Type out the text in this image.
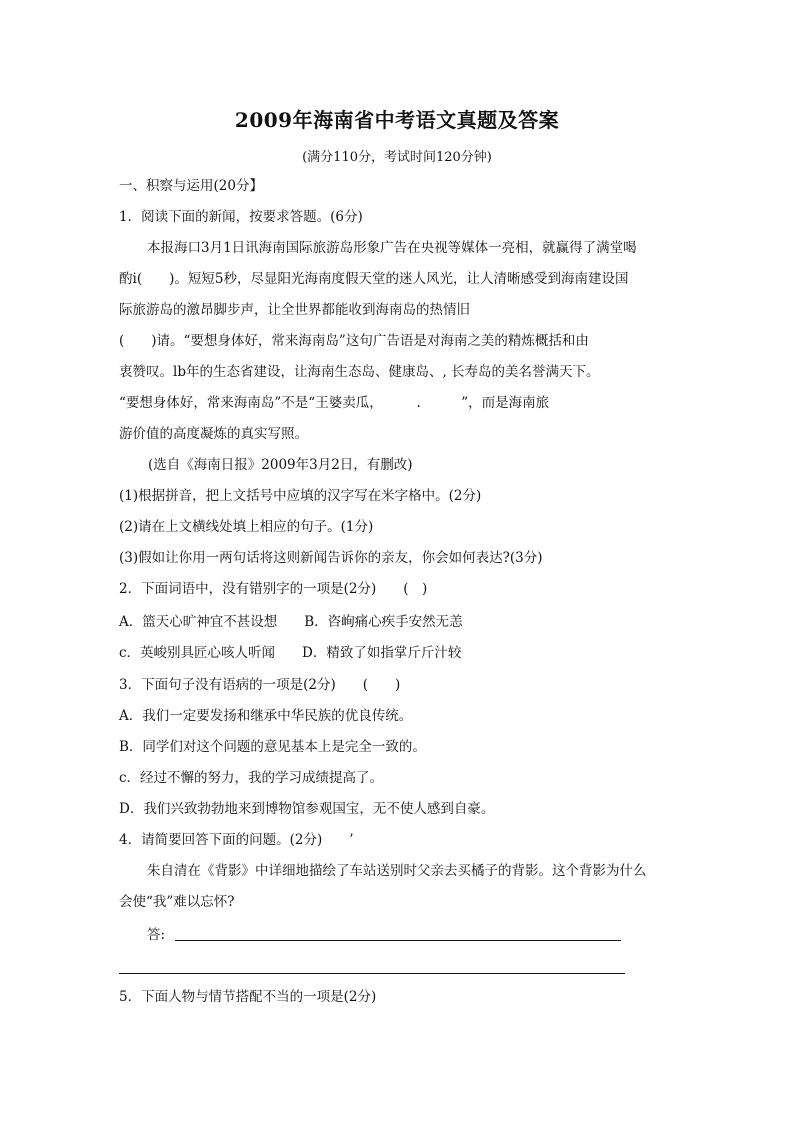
2009年海南省中考语文真题及答案
(满分110分，考试时间120分钟)
一、积察与运用(20分】
1．阅读下面的新闻，按要求答题。(6分)
本报海口3月1日讯海南国际旅游岛形象广告在央视等媒体一亮相，就赢得了满堂喝
酌i(　　)。短短5秒，尽显阳光海南度假天堂的迷人风光，让人清晰感受到海南建设国
际旅游岛的激昂脚步声，让全世界都能收到海南岛的热情旧
(　　)请。“要想身体好，常来海南岛”这句广告语是对海南之美的精炼概括和由
衷赞叹。lb年的生态省建设，让海南生态岛、健康岛、, 长寿岛的美名誉满天下。
“要想身体好，常来海南岛”不是“王婆卖瓜，　　　.　　　”，而是海南旅
游价值的高度凝炼的真实写照。
(选自《海南日报》2009年3月2日，有删改)
(1)根据拼音，把上文括号中应填的汉字写在米字格中。(2分)
(2)请在上文横线处填上相应的句子。(1分)
(3)假如让你用一两句话将这则新闻告诉你的亲友，你会如何表达?(3分)
2．下面词语中，没有错别字的一项是(2分)　　(　)
A．篮天心旷神宜不甚设想　　B．咨峋痛心疾手安然无恙
c．英峻别具匠心咳人听闻　　D．精致了如指掌斤斤汁较
3．下面句子没有语病的一项是(2分)　　(　　)
A．我们一定要发扬和继承中华民族的优良传统。
B．同学们对这个问题的意见基本上是完全一致的。
c．经过不懈的努力，我的学习成绩提高了。
D．我们兴致勃勃地来到博物馆参观国宝，无不使人感到自豪。
4．请简要回答下面的问题。(2分)　　’
朱自清在《背影》中详细地描绘了车站送别时父亲去买橘子的背影。这个背影为什么
会使“我”难以忘怀?
答:
5．下面人物与情节搭配不当的一项是(2分)
